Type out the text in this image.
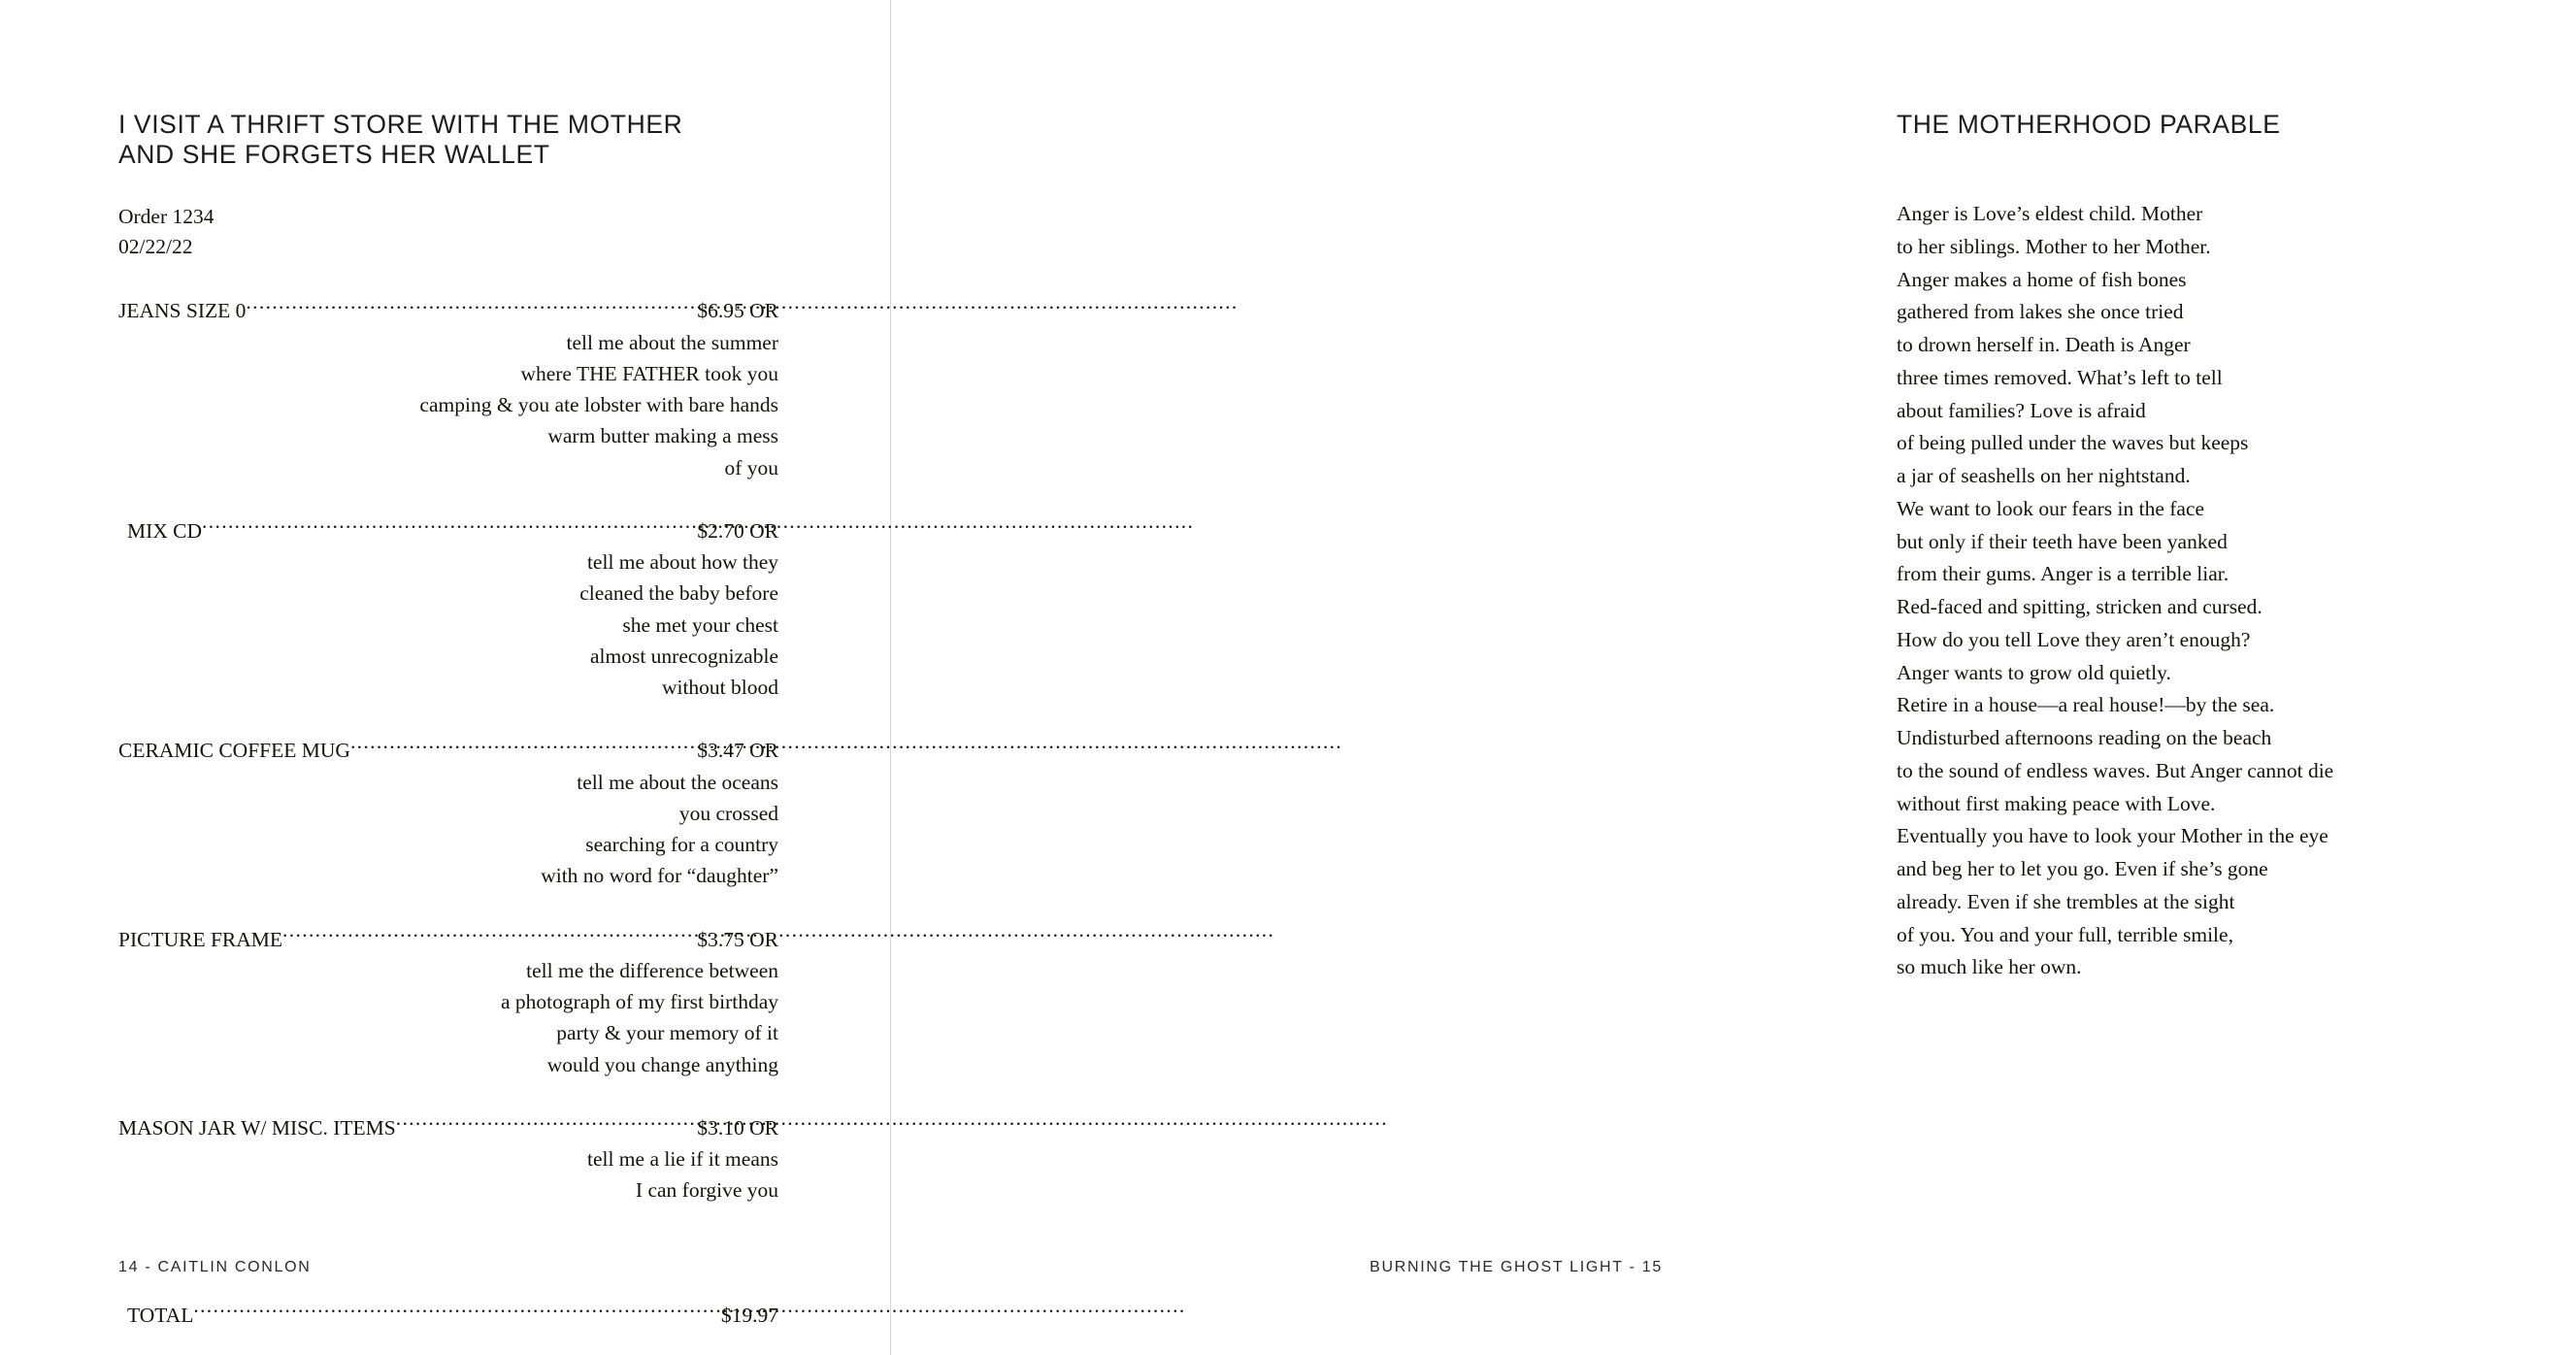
I VISIT A THRIFT STORE WITH THE MOTHER AND SHE FORGETS HER WALLET
Order 1234
02/22/22
JEANS SIZE 0 .....	$6.95 OR
tell me about the summer
where THE FATHER took you
camping & you ate lobster with bare hands
warm butter making a mess
of you
MIX CD .....	$2.70 OR
tell me about how they
cleaned the baby before
she met your chest
almost unrecognizable
without blood
CERAMIC COFFEE MUG .....	$3.47 OR
tell me about the oceans
you crossed
searching for a country
with no word for “daughter”
PICTURE FRAME .....	$3.75 OR
tell me the difference between
a photograph of my first birthday
party & your memory of it
would you change anything
MASON JAR W/ MISC. ITEMS .....	$3.10 OR
tell me a lie if it means
I can forgive you
TOTAL .....	$19.97
14 - CAITLIN CONLON
THE MOTHERHOOD PARABLE
Anger is Love’s eldest child. Mother
to her siblings. Mother to her Mother.
Anger makes a home of fish bones
gathered from lakes she once tried
to drown herself in. Death is Anger
three times removed. What’s left to tell
about families? Love is afraid
of being pulled under the waves but keeps
a jar of seashells on her nightstand.
We want to look our fears in the face
but only if their teeth have been yanked
from their gums. Anger is a terrible liar.
Red-faced and spitting, stricken and cursed.
How do you tell Love they aren’t enough?
Anger wants to grow old quietly.
Retire in a house—a real house!—by the sea.
Undisturbed afternoons reading on the beach
to the sound of endless waves. But Anger cannot die
without first making peace with Love.
Eventually you have to look your Mother in the eye
and beg her to let you go. Even if she’s gone
already. Even if she trembles at the sight
of you. You and your full, terrible smile,
so much like her own.
BURNING THE GHOST LIGHT - 15
